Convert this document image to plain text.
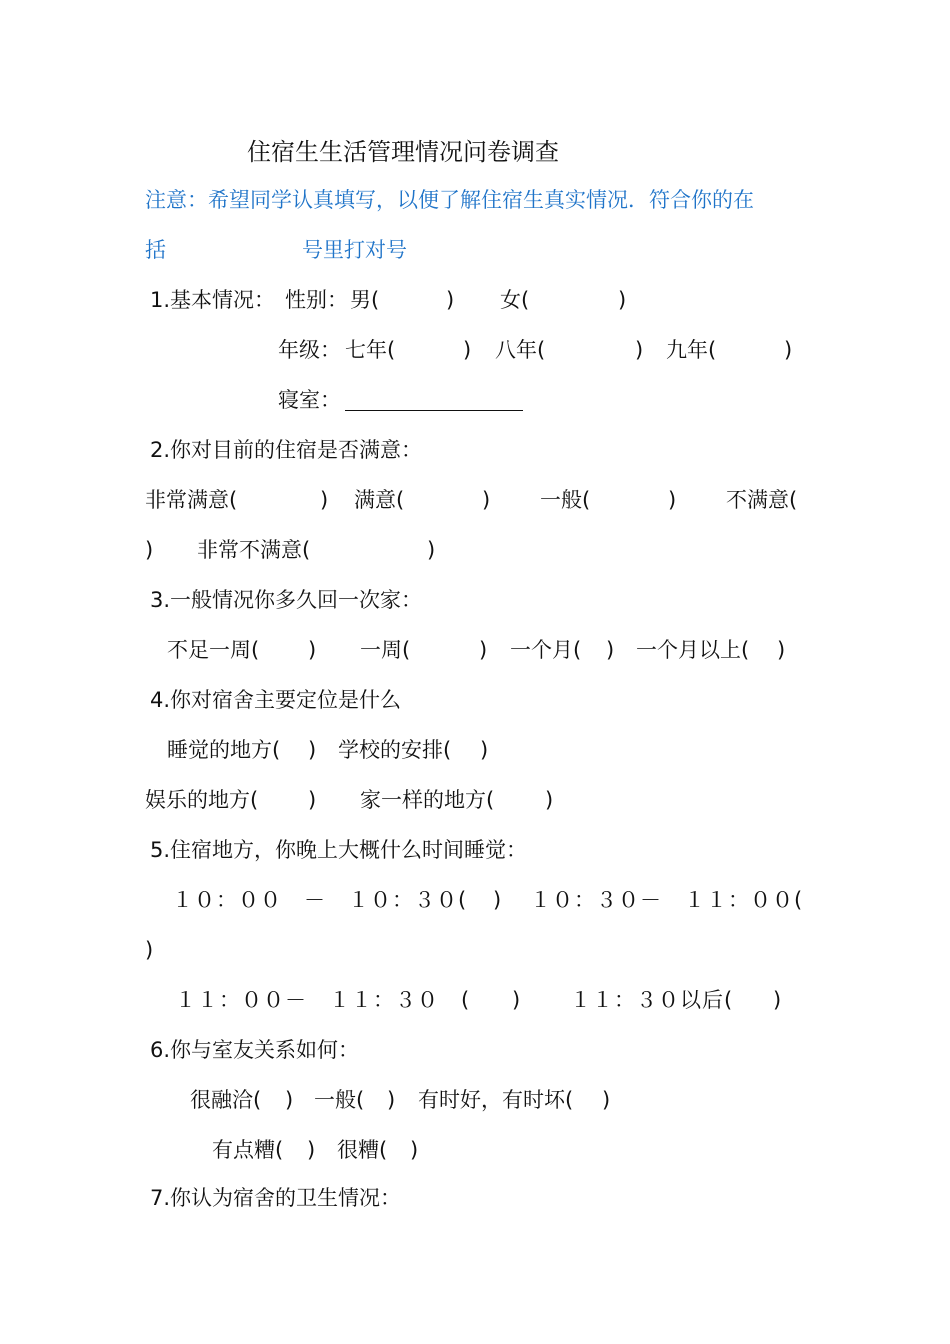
住宿生生活管理情况问卷调查
注意：希望同学认真填写，以便了解住宿生真实情况．符合你的在
括	号里打对号
1.基本情况： 性别： 男(	) 女(	)
年级： 七年(	) 八年(	) 九年(	)
寝室：
2.你对目前的住宿是否满意：
非常满意(	) 满意(	) 一般(	) 不满意(
) 非常不满意(	)
3.一般情况你多久回一次家：
不足一周( ) 一周(	) 一个月( ) 一个月以上( )
4.你对宿舍主要定位是什么
睡觉的地方( ) 学校的安排( )
娱乐的地方( ) 家一样的地方( )
5.住宿地方，你晚上大概什么时间睡觉：
１０：００　－　１０：３０( ) １０：３０－　１１：００(
)
１１：００－　１１：３０　( ) １１：３０以后( )
6.你与室友关系如何：
很融洽( ) 一般( ) 有时好，有时坏( )
有点糟( ) 很糟( )
7.你认为宿舍的卫生情况：
